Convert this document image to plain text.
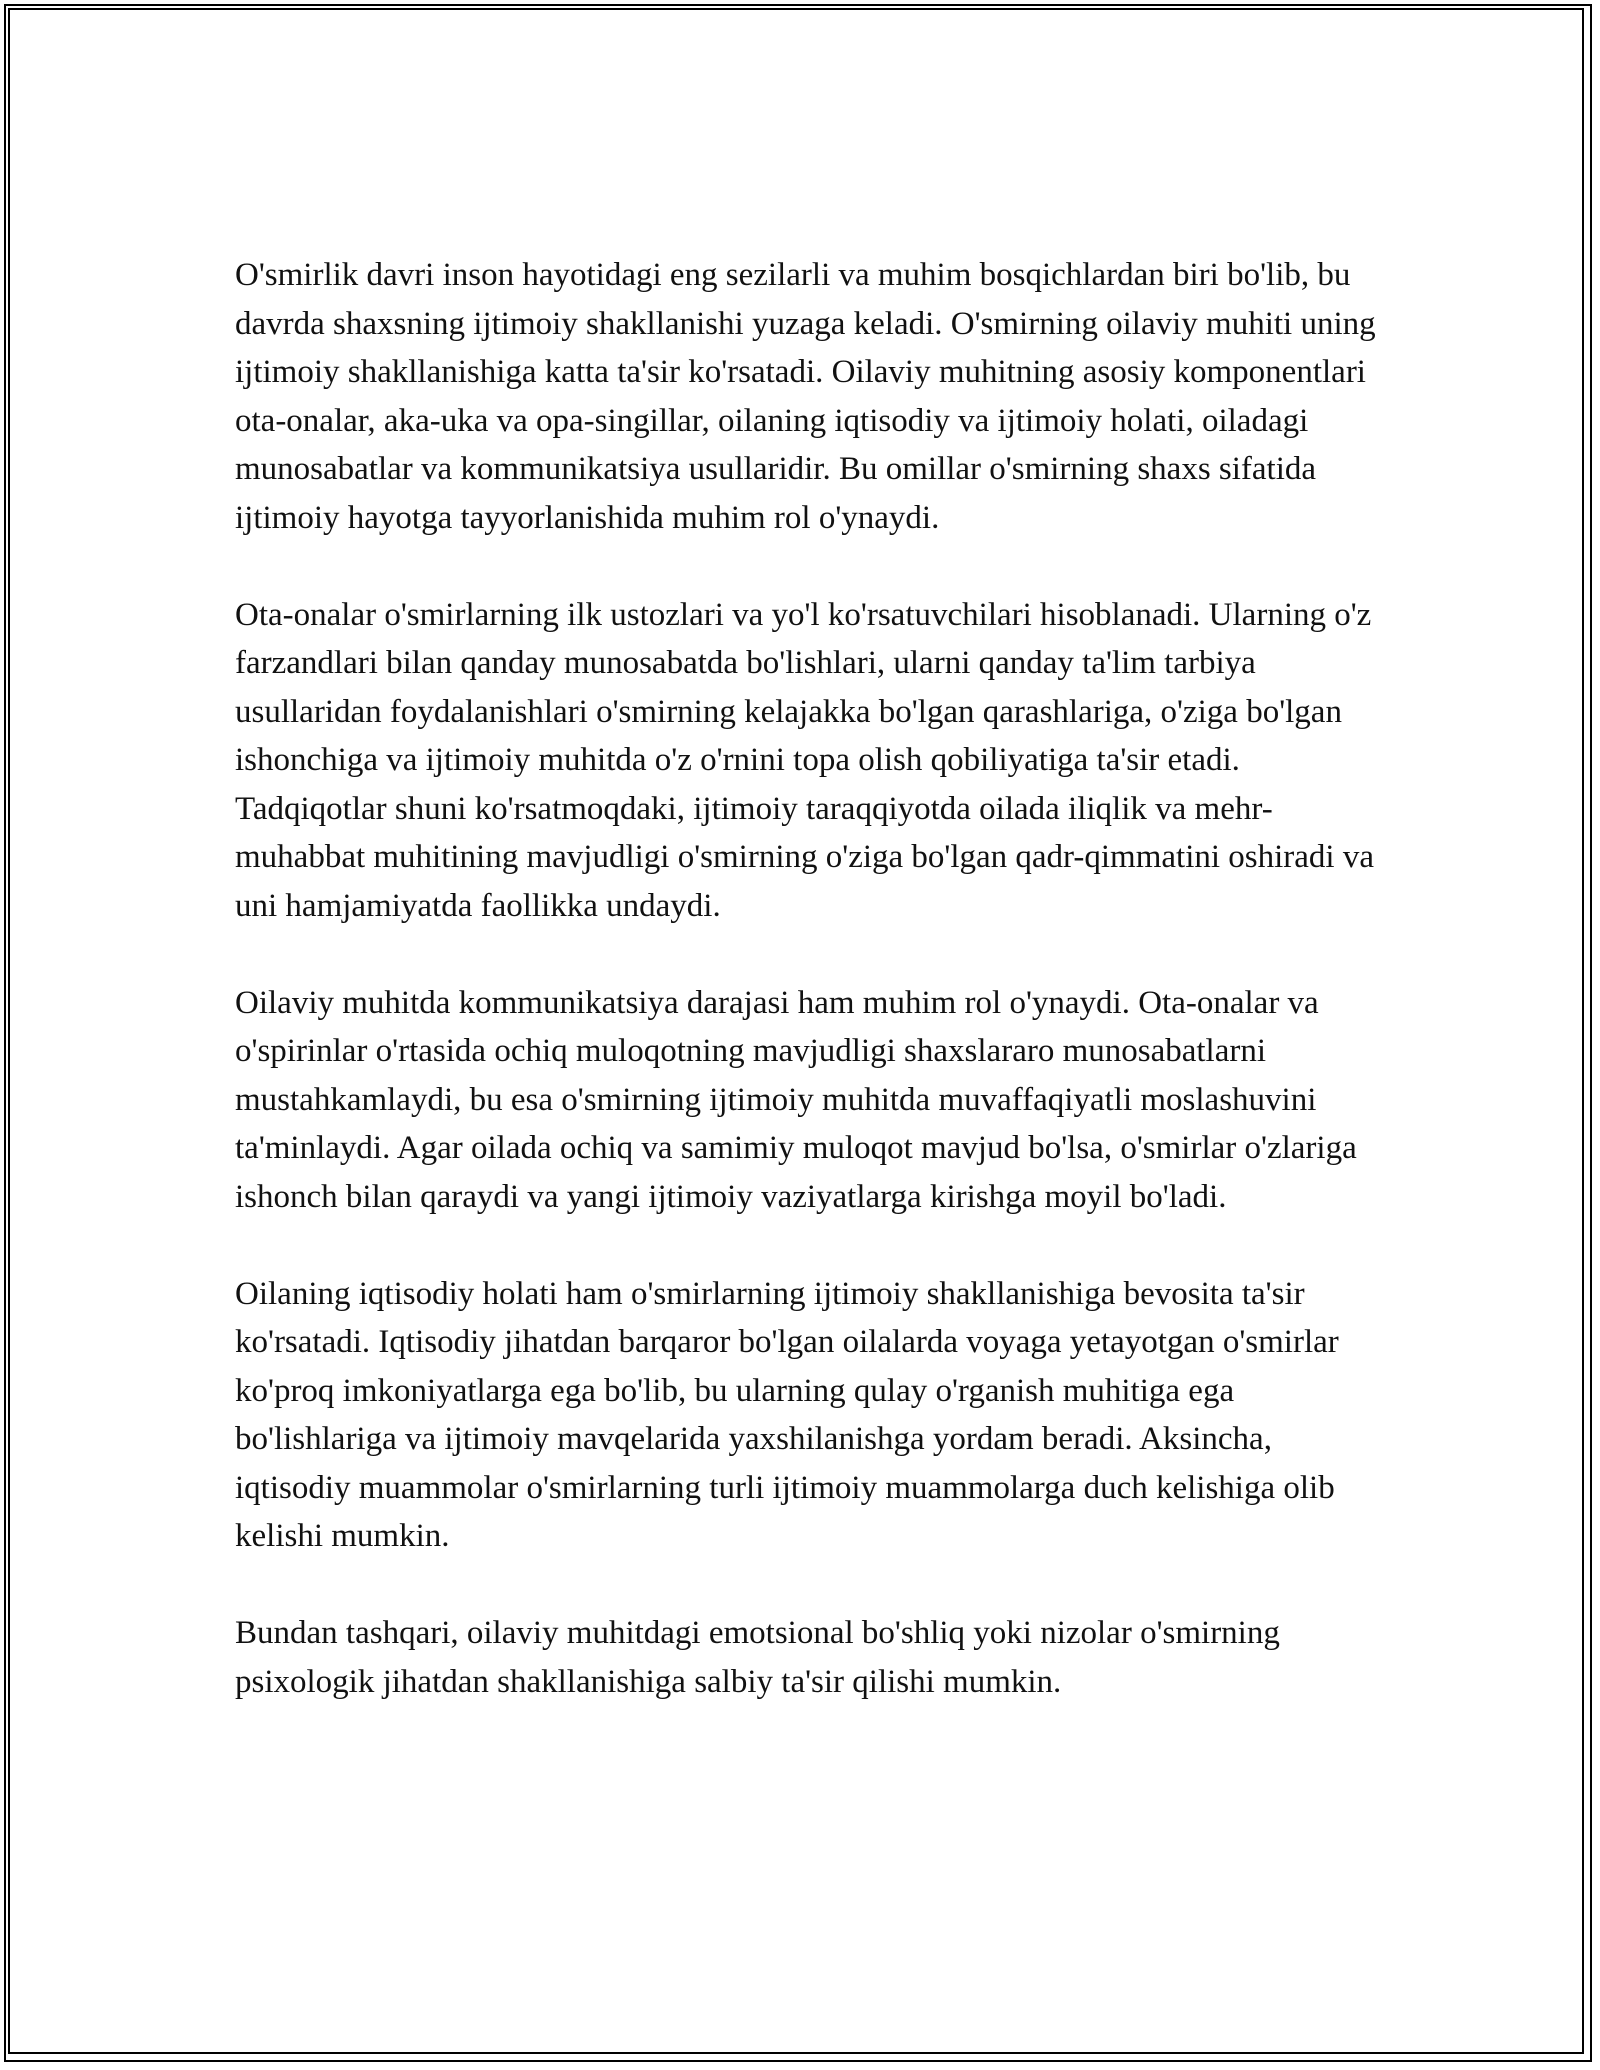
O'smirlik davri inson hayotidagi eng sezilarli va muhim bosqichlardan biri bo'lib, bu davrda shaxsning ijtimoiy shakllanishi yuzaga keladi. O'smirning oilaviy muhiti uning ijtimoiy shakllanishiga katta ta'sir ko'rsatadi. Oilaviy muhitning asosiy komponentlari ota-onalar, aka-uka va opa-singillar, oilaning iqtisodiy va ijtimoiy holati, oiladagi munosabatlar va kommunikatsiya usullaridir. Bu omillar o'smirning shaxs sifatida ijtimoiy hayotga tayyorlanishida muhim rol o'ynaydi.

Ota-onalar o'smirlarning ilk ustozlari va yo'l ko'rsatuvchilari hisoblanadi. Ularning o'z farzandlari bilan qanday munosabatda bo'lishlari, ularni qanday ta'lim tarbiya usullaridan foydalanishlari o'smirning kelajakka bo'lgan qarashlariga, o'ziga bo'lgan ishonchiga va ijtimoiy muhitda o'z o'rnini topa olish qobiliyatiga ta'sir etadi. Tadqiqotlar shuni ko'rsatmoqdaki, ijtimoiy taraqqiyotda oilada iliqlik va mehr-muhabbat muhitining mavjudligi o'smirning o'ziga bo'lgan qadr-qimmatini oshiradi va uni hamjamiyatda faollikka undaydi.

Oilaviy muhitda kommunikatsiya darajasi ham muhim rol o'ynaydi. Ota-onalar va o'spirinlar o'rtasida ochiq muloqotning mavjudligi shaxslararo munosabatlarni mustahkamlaydi, bu esa o'smirning ijtimoiy muhitda muvaffaqiyatli moslashuvini ta'minlaydi. Agar oilada ochiq va samimiy muloqot mavjud bo'lsa, o'smirlar o'zlariga ishonch bilan qaraydi va yangi ijtimoiy vaziyatlarga kirishga moyil bo'ladi.

Oilaning iqtisodiy holati ham o'smirlarning ijtimoiy shakllanishiga bevosita ta'sir ko'rsatadi. Iqtisodiy jihatdan barqaror bo'lgan oilalarda voyaga yetayotgan o'smirlar ko'proq imkoniyatlarga ega bo'lib, bu ularning qulay o'rganish muhitiga ega bo'lishlariga va ijtimoiy mavqelarida yaxshilanishga yordam beradi. Aksincha, iqtisodiy muammolar o'smirlarning turli ijtimoiy muammolarga duch kelishiga olib kelishi mumkin.

Bundan tashqari, oilaviy muhitdagi emotsional bo'shliq yoki nizolar o'smirning psixologik jihatdan shakllanishiga salbiy ta'sir qilishi mumkin.
